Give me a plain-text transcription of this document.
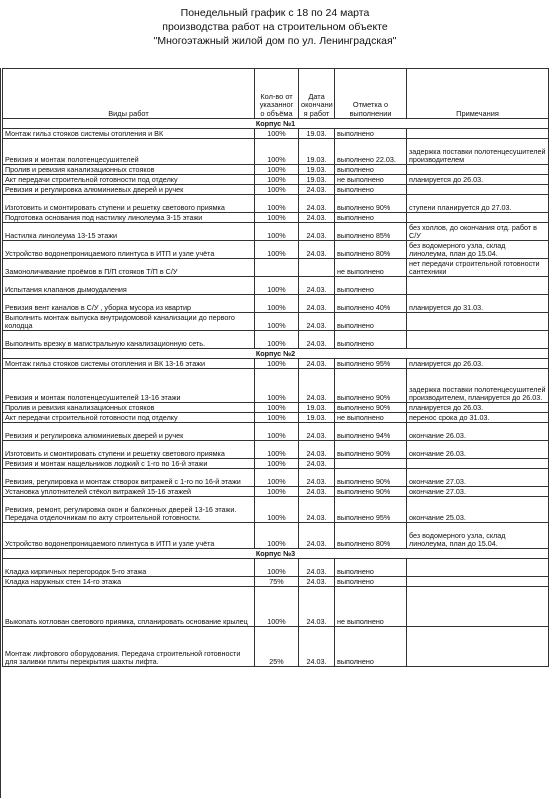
Понедельный график с 18 по 24 марта
производства работ на строительном объекте
"Многоэтажный жилой дом по ул. Ленинградская"
Виды работ	Кол-во от указанног о объёма	Дата окончани я работ	Отметка о выполнении	Примечания
Корпус №1				
Монтаж гильз стояков системы отопления и ВК	100%	19.03.	выполнено	
Ревизия и монтаж полотенцесушителей	100%	19.03.	выполнено 22.03.	задержка поставки полотенцесушителей производителем
Пролив и ревизия канализационных стояков	100%	19.03.	выполнено	
Акт передачи строительной готовности под отделку	100%	19.03.	не выполнено	планируется до 26.03.
Ревизия и регулировка алюминиевых дверей и ручек	100%	24.03.	выполнено	
Изготовить и смонтировать ступени и решетку светового приямка	100%	24.03.	выполнено 90%	ступени планируется до 27.03.
Подготовка основания под настилку линолеума 3-15 этажи	100%	24.03.	выполнено	
Настилка линолеума 13-15 этажи	100%	24.03.	выполнено 85%	без холлов, до окончания отд. работ в С/У
Устройство водонепроницаемого плинтуса в ИТП и узле учёта	100%	24.03.	выполнено 80%	без водомерного узла, склад линолеума, план до 15.04.
Замоноличивание проёмов в П/П стояков Т/П в С/У			не выполнено	нет передачи строительной готовности сантехники
Испытания клапанов дымоудаления	100%	24.03.	выполнено	
Ревизия вент каналов в С/У , уборка мусора из квартир	100%	24.03.	выполнено 40%	планируется до 31.03.
Выполнить монтаж выпуска внутридомовой канализации до первого колодца	100%	24.03.	выполнено	
Выполнить врезку в магистральную канализационную сеть.	100%	24.03.	выполнено	
Корпус №2				
Монтаж гильз стояков системы отопления и ВК 13-16 этажи	100%	24.03.	выполнено 95%	планируется до 26.03.
Ревизия и монтаж полотенцесушителей 13-16 этажи	100%	24.03.	выполнено 90%	задержка поставки полотенцесушителей производителем, планируется до 26.03.
Пролив и ревизия канализационных стояков	100%	19.03.	выполнено 90%	планируется до 26.03.
Акт передачи строительной готовности под отделку	100%	19.03.	не выполнено	перенос срока до 31.03.
Ревизия и регулировка алюминиевых дверей и ручек	100%	24.03.	выполнено 94%	окончание 26.03.
Изготовить и смонтировать ступени и решетку светового приямка	100%	24.03.	выполнено 90%	окончание 26.03.
Ревизия и монтаж нащельников лоджий с 1-го по 16-й этажи	100%	24.03.		
Ревизия, регулировка и монтаж створок витражей с 1-го по 16-й этажи	100%	24.03.	выполнено 90%	окончание 27.03.
Установка уплотнителей стёкол витражей 15-16 этажей	100%	24.03.	выполнено 90%	окончание 27.03.
Ревизия, ремонт, регулировка окон и балконных дверей 13-16 этажи. Передача отделочникам по акту строительной готовности.	100%	24.03.	выполнено 95%	окончание 25.03.
Устройство водонепроницаемого плинтуса в ИТП и узле учёта	100%	24.03.	выполнено 80%	без водомерного узла, склад линолеума, план до 15.04.
Корпус №3				
Кладка кирпичных перегородок 5-го этажа	100%	24.03.	выполнено	
Кладка наружных стен 14-го этажа	75%	24.03.	выполнено	
Выкопать котлован светового приямка, спланировать основание крылец	100%	24.03.	не выполнено	
Монтаж лифтового оборудования. Передача строительной готовности для заливки плиты перекрытия шахты лифта.	25%	24.03.	выполнено	
